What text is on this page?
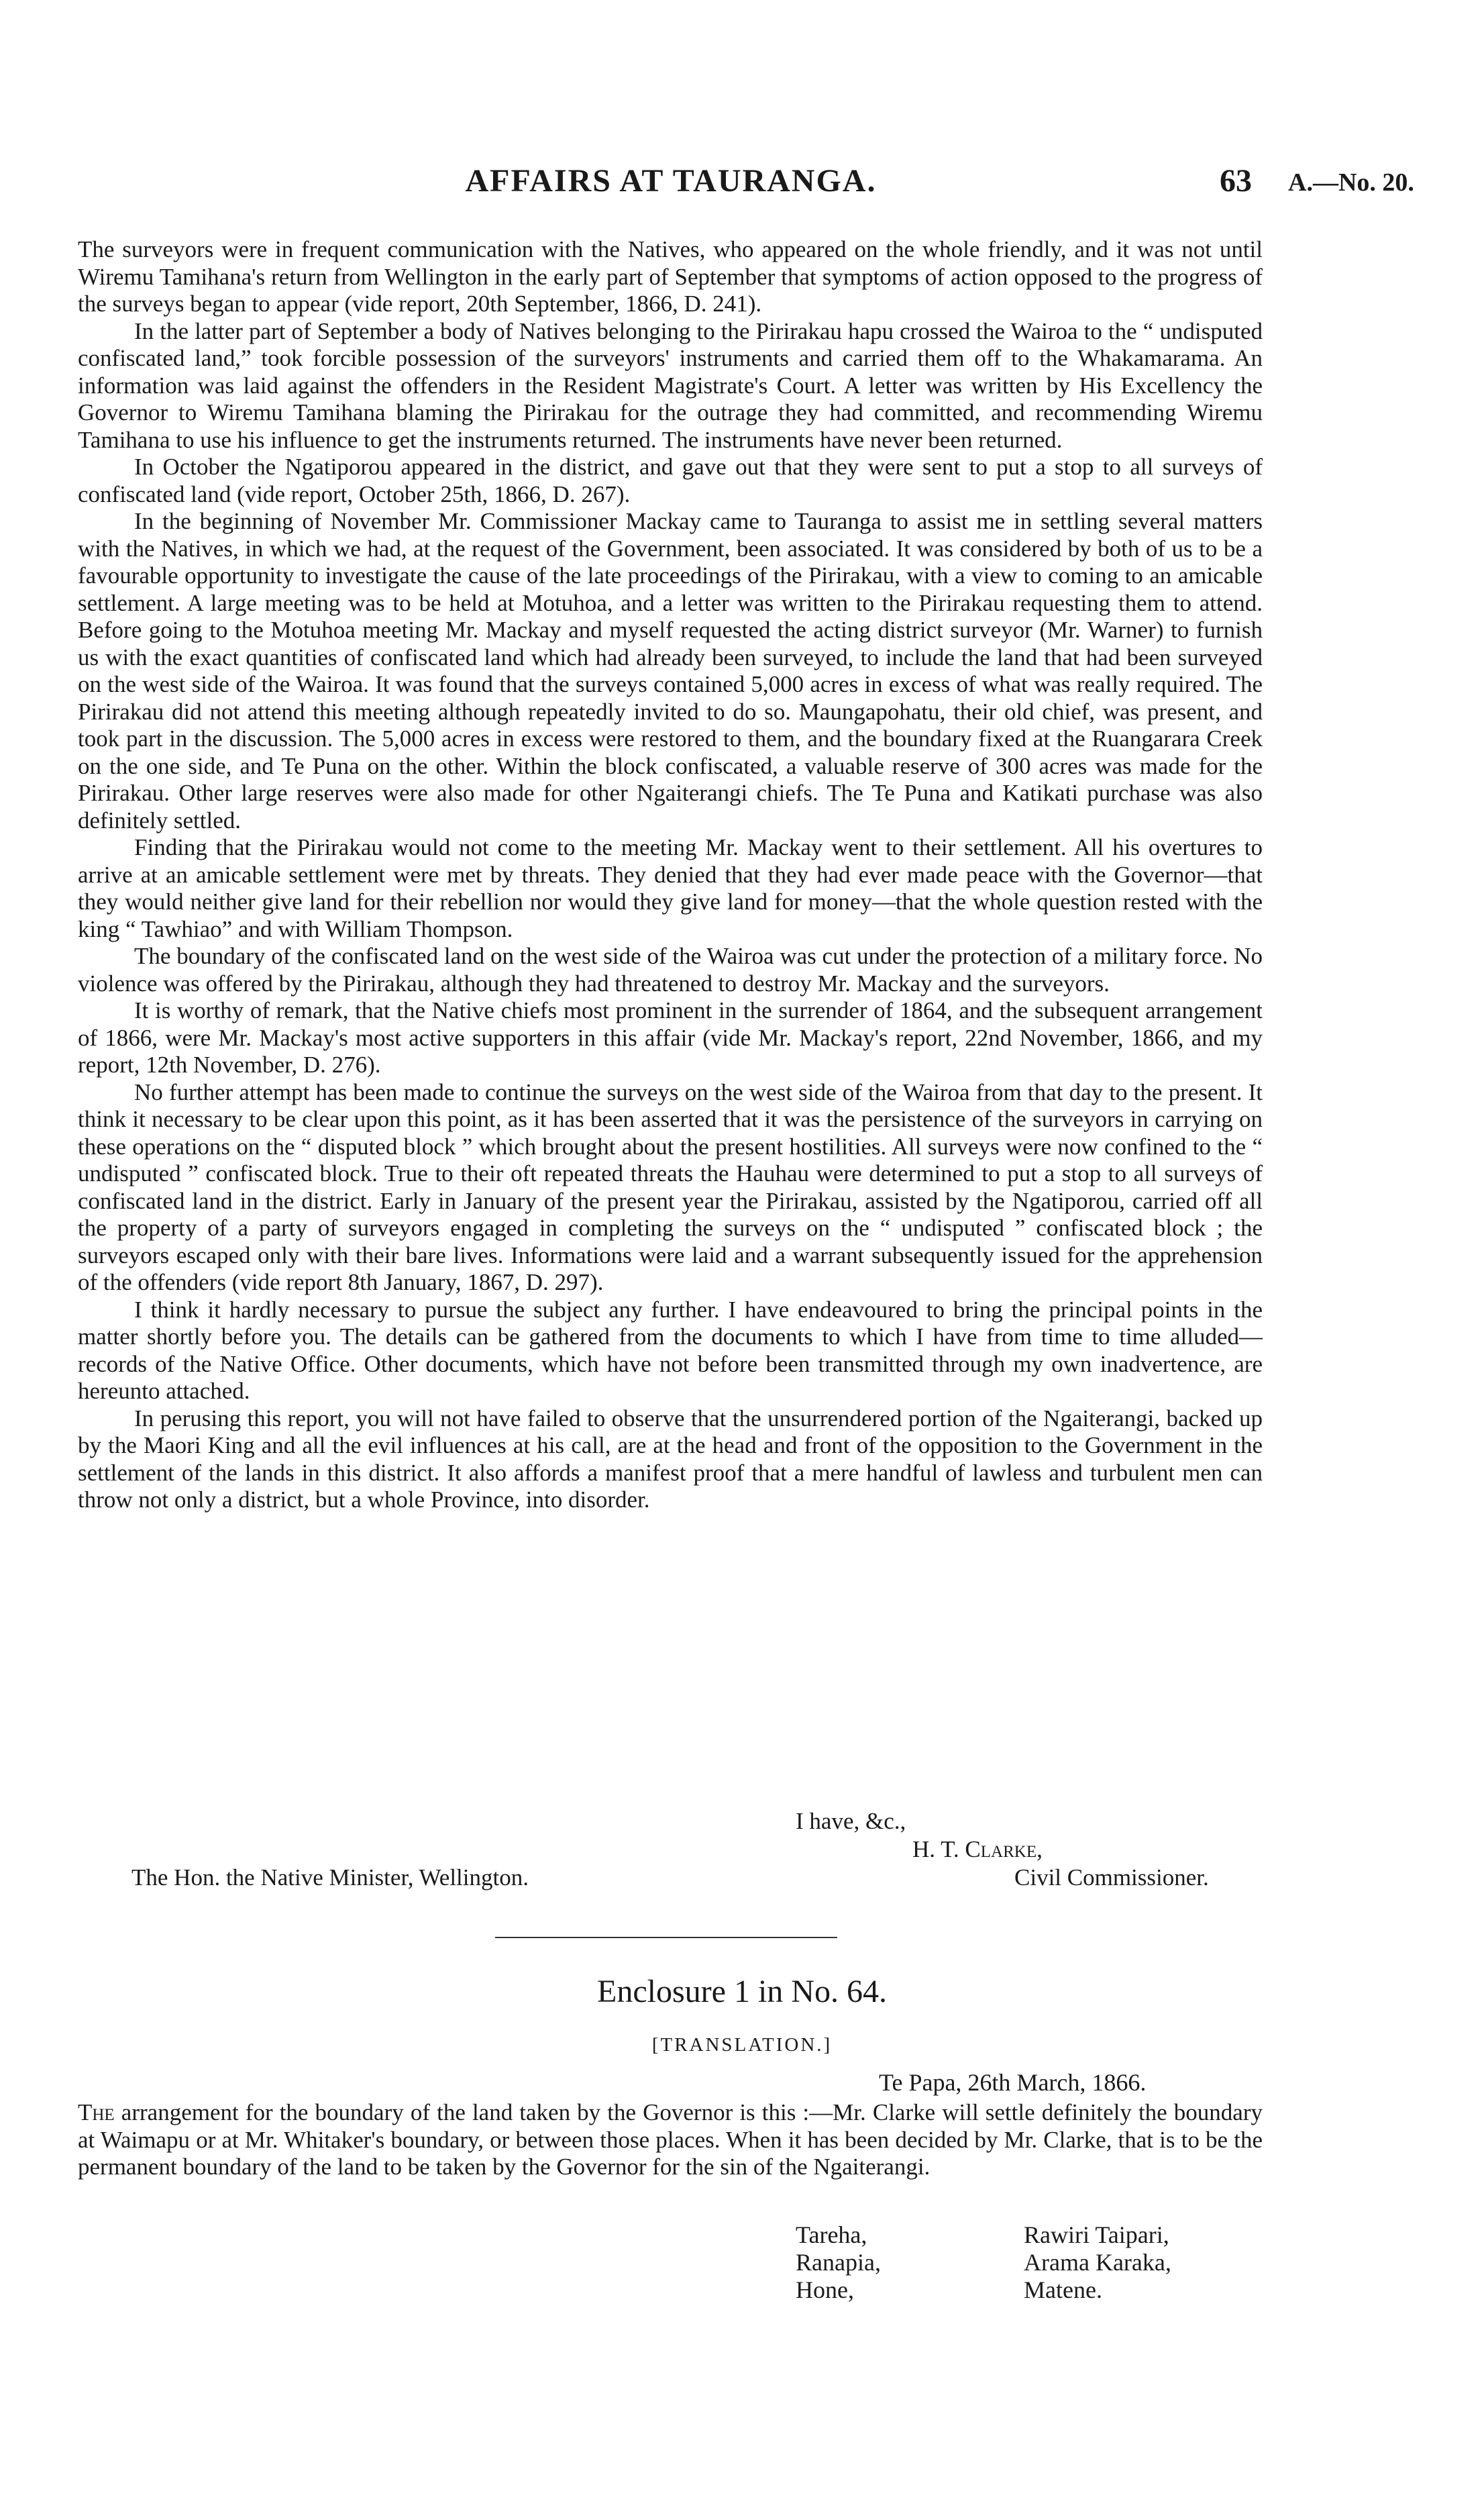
AFFAIRS AT TAURANGA.	63 A.—No. 20.

The surveyors were in frequent communication with the Natives, who appeared on the whole friendly, and it was not until Wiremu Tamihana's return from Wellington in the early part of September that symptoms of action opposed to the progress of the surveys began to appear (vide report, 20th September, 1866, D. 241).

In the latter part of September a body of Natives belonging to the Pirirakau hapu crossed the Wairoa to the “ undisputed confiscated land,” took forcible possession of the surveyors' instruments and carried them off to the Whakamarama. An information was laid against the offenders in the Resident Magistrate's Court. A letter was written by His Excellency the Governor to Wiremu Tamihana blaming the Pirirakau for the outrage they had committed, and recommending Wiremu Tamihana to use his influence to get the instruments returned. The instruments have never been returned.

In October the Ngatiporou appeared in the district, and gave out that they were sent to put a stop to all surveys of confiscated land (vide report, October 25th, 1866, D. 267).

In the beginning of November Mr. Commissioner Mackay came to Tauranga to assist me in settling several matters with the Natives, in which we had, at the request of the Government, been associated. It was considered by both of us to be a favourable opportunity to investigate the cause of the late proceedings of the Pirirakau, with a view to coming to an amicable settlement. A large meeting was to be held at Motuhoa, and a letter was written to the Pirirakau requesting them to attend. Before going to the Motuhoa meeting Mr. Mackay and myself requested the acting district surveyor (Mr. Warner) to furnish us with the exact quantities of confiscated land which had already been surveyed, to include the land that had been surveyed on the west side of the Wairoa. It was found that the surveys contained 5,000 acres in excess of what was really required. The Pirirakau did not attend this meeting although repeatedly invited to do so. Maungapohatu, their old chief, was present, and took part in the discussion. The 5,000 acres in excess were restored to them, and the boundary fixed at the Ruangarara Creek on the one side, and Te Puna on the other. Within the block confiscated, a valuable reserve of 300 acres was made for the Pirirakau. Other large reserves were also made for other Ngaiterangi chiefs. The Te Puna and Katikati purchase was also definitely settled.

Finding that the Pirirakau would not come to the meeting Mr. Mackay went to their settlement. All his overtures to arrive at an amicable settlement were met by threats. They denied that they had ever made peace with the Governor—that they would neither give land for their rebellion nor would they give land for money—that the whole question rested with the king “ Tawhiao” and with William Thompson.

The boundary of the confiscated land on the west side of the Wairoa was cut under the protection of a military force. No violence was offered by the Pirirakau, although they had threatened to destroy Mr. Mackay and the surveyors.

It is worthy of remark, that the Native chiefs most prominent in the surrender of 1864, and the subsequent arrangement of 1866, were Mr. Mackay's most active supporters in this affair (vide Mr. Mackay's report, 22nd November, 1866, and my report, 12th November, D. 276).

No further attempt has been made to continue the surveys on the west side of the Wairoa from that day to the present. It think it necessary to be clear upon this point, as it has been asserted that it was the persistence of the surveyors in carrying on these operations on the “ disputed block ” which brought about the present hostilities. All surveys were now confined to the “ undisputed ” confiscated block. True to their oft repeated threats the Hauhau were determined to put a stop to all surveys of confiscated land in the district. Early in January of the present year the Pirirakau, assisted by the Ngatiporou, carried off all the property of a party of surveyors engaged in completing the surveys on the “ undisputed ” confiscated block ; the surveyors escaped only with their bare lives. Informations were laid and a warrant subsequently issued for the apprehension of the offenders (vide report 8th January, 1867, D. 297).

I think it hardly necessary to pursue the subject any further. I have endeavoured to bring the principal points in the matter shortly before you. The details can be gathered from the documents to which I have from time to time alluded—records of the Native Office. Other documents, which have not before been transmitted through my own inadvertence, are hereunto attached.

In perusing this report, you will not have failed to observe that the unsurrendered portion of the Ngaiterangi, backed up by the Maori King and all the evil influences at his call, are at the head and front of the opposition to the Government in the settlement of the lands in this district. It also affords a manifest proof that a mere handful of lawless and turbulent men can throw not only a district, but a whole Province, into disorder.

I have, &c.,
H. T. Clarke,
The Hon. the Native Minister, Wellington.	Civil Commissioner.
Enclosure 1 in No. 64.
[TRANSLATION.]
Te Papa, 26th March, 1866.
The arrangement for the boundary of the land taken by the Governor is this :—Mr. Clarke will settle definitely the boundary at Waimapu or at Mr. Whitaker's boundary, or between those places. When it has been decided by Mr. Clarke, that is to be the permanent boundary of the land to be taken by the Governor for the sin of the Ngaiterangi.
Tareha,
Ranapia,
Hone,
Rawiri Taipari,
Arama Karaka,
Matene.
